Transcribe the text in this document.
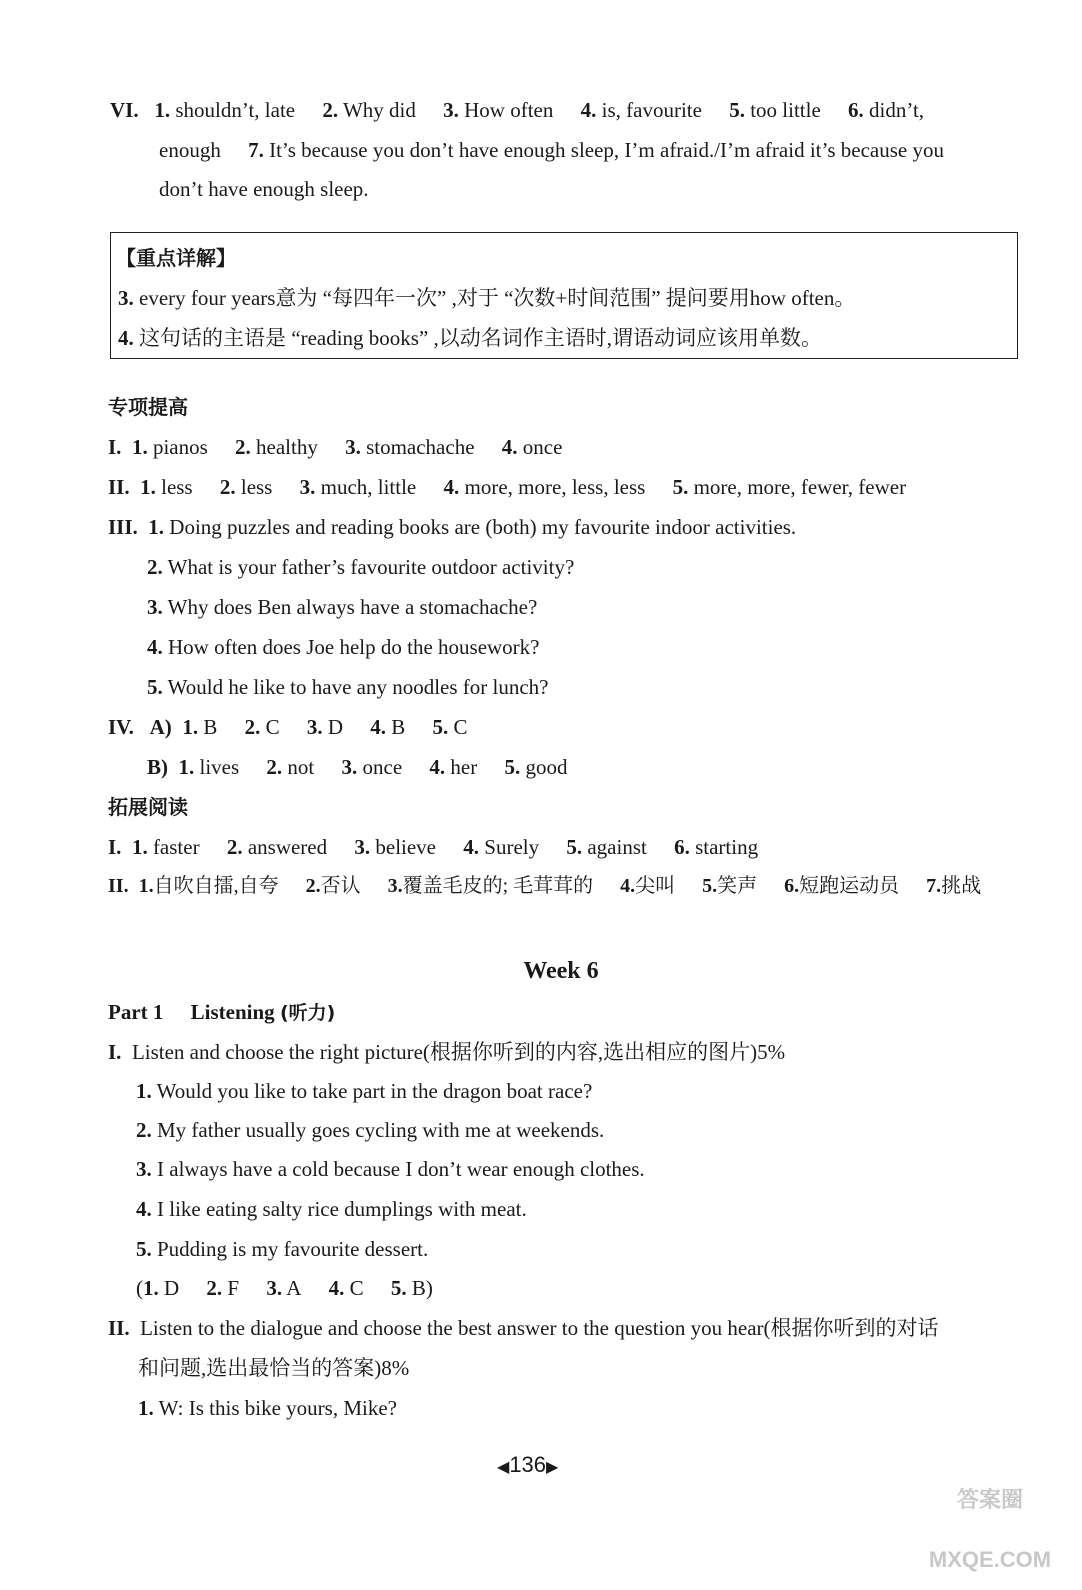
VI. 1. shouldn’t, late 2. Why did 3. How often 4. is, favourite 5. too little 6. didn’t,
enough 7. It’s because you don’t have enough sleep, I’m afraid./I’m afraid it’s because you
don’t have enough sleep.
【重点详解】
3. every four years意为 “每四年一次” ,对于 “次数+时间范围” 提问要用how often。
4. 这句话的主语是 “reading books” ,以动名词作主语时,谓语动词应该用单数。
专项提高
I. 1. pianos 2. healthy 3. stomachache 4. once
II. 1. less 2. less 3. much, little 4. more, more, less, less 5. more, more, fewer, fewer
III. 1. Doing puzzles and reading books are (both) my favourite indoor activities.
2. What is your father’s favourite outdoor activity?
3. Why does Ben always have a stomachache?
4. How often does Joe help do the housework?
5. Would he like to have any noodles for lunch?
IV. A) 1. B 2. C 3. D 4. B 5. C
B) 1. lives 2. not 3. once 4. her 5. good
拓展阅读
I. 1. faster 2. answered 3. believe 4. Surely 5. against 6. starting
II. 1.自吹自擂,自夸 2.否认 3.覆盖毛皮的; 毛茸茸的 4.尖叫 5.笑声 6.短跑运动员 7.挑战
Week 6
Part 1 Listening (听力)
I. Listen and choose the right picture(根据你听到的内容,选出相应的图片)5%
1. Would you like to take part in the dragon boat race?
2. My father usually goes cycling with me at weekends.
3. I always have a cold because I don’t wear enough clothes.
4. I like eating salty rice dumplings with meat.
5. Pudding is my favourite dessert.
(1. D 2. F 3. A 4. C 5. B)
II. Listen to the dialogue and choose the best answer to the question you hear(根据你听到的对话
和问题,选出最恰当的答案)8%
1. W: Is this bike yours, Mike?
◀136▶
答案圈 MXQE.COM
